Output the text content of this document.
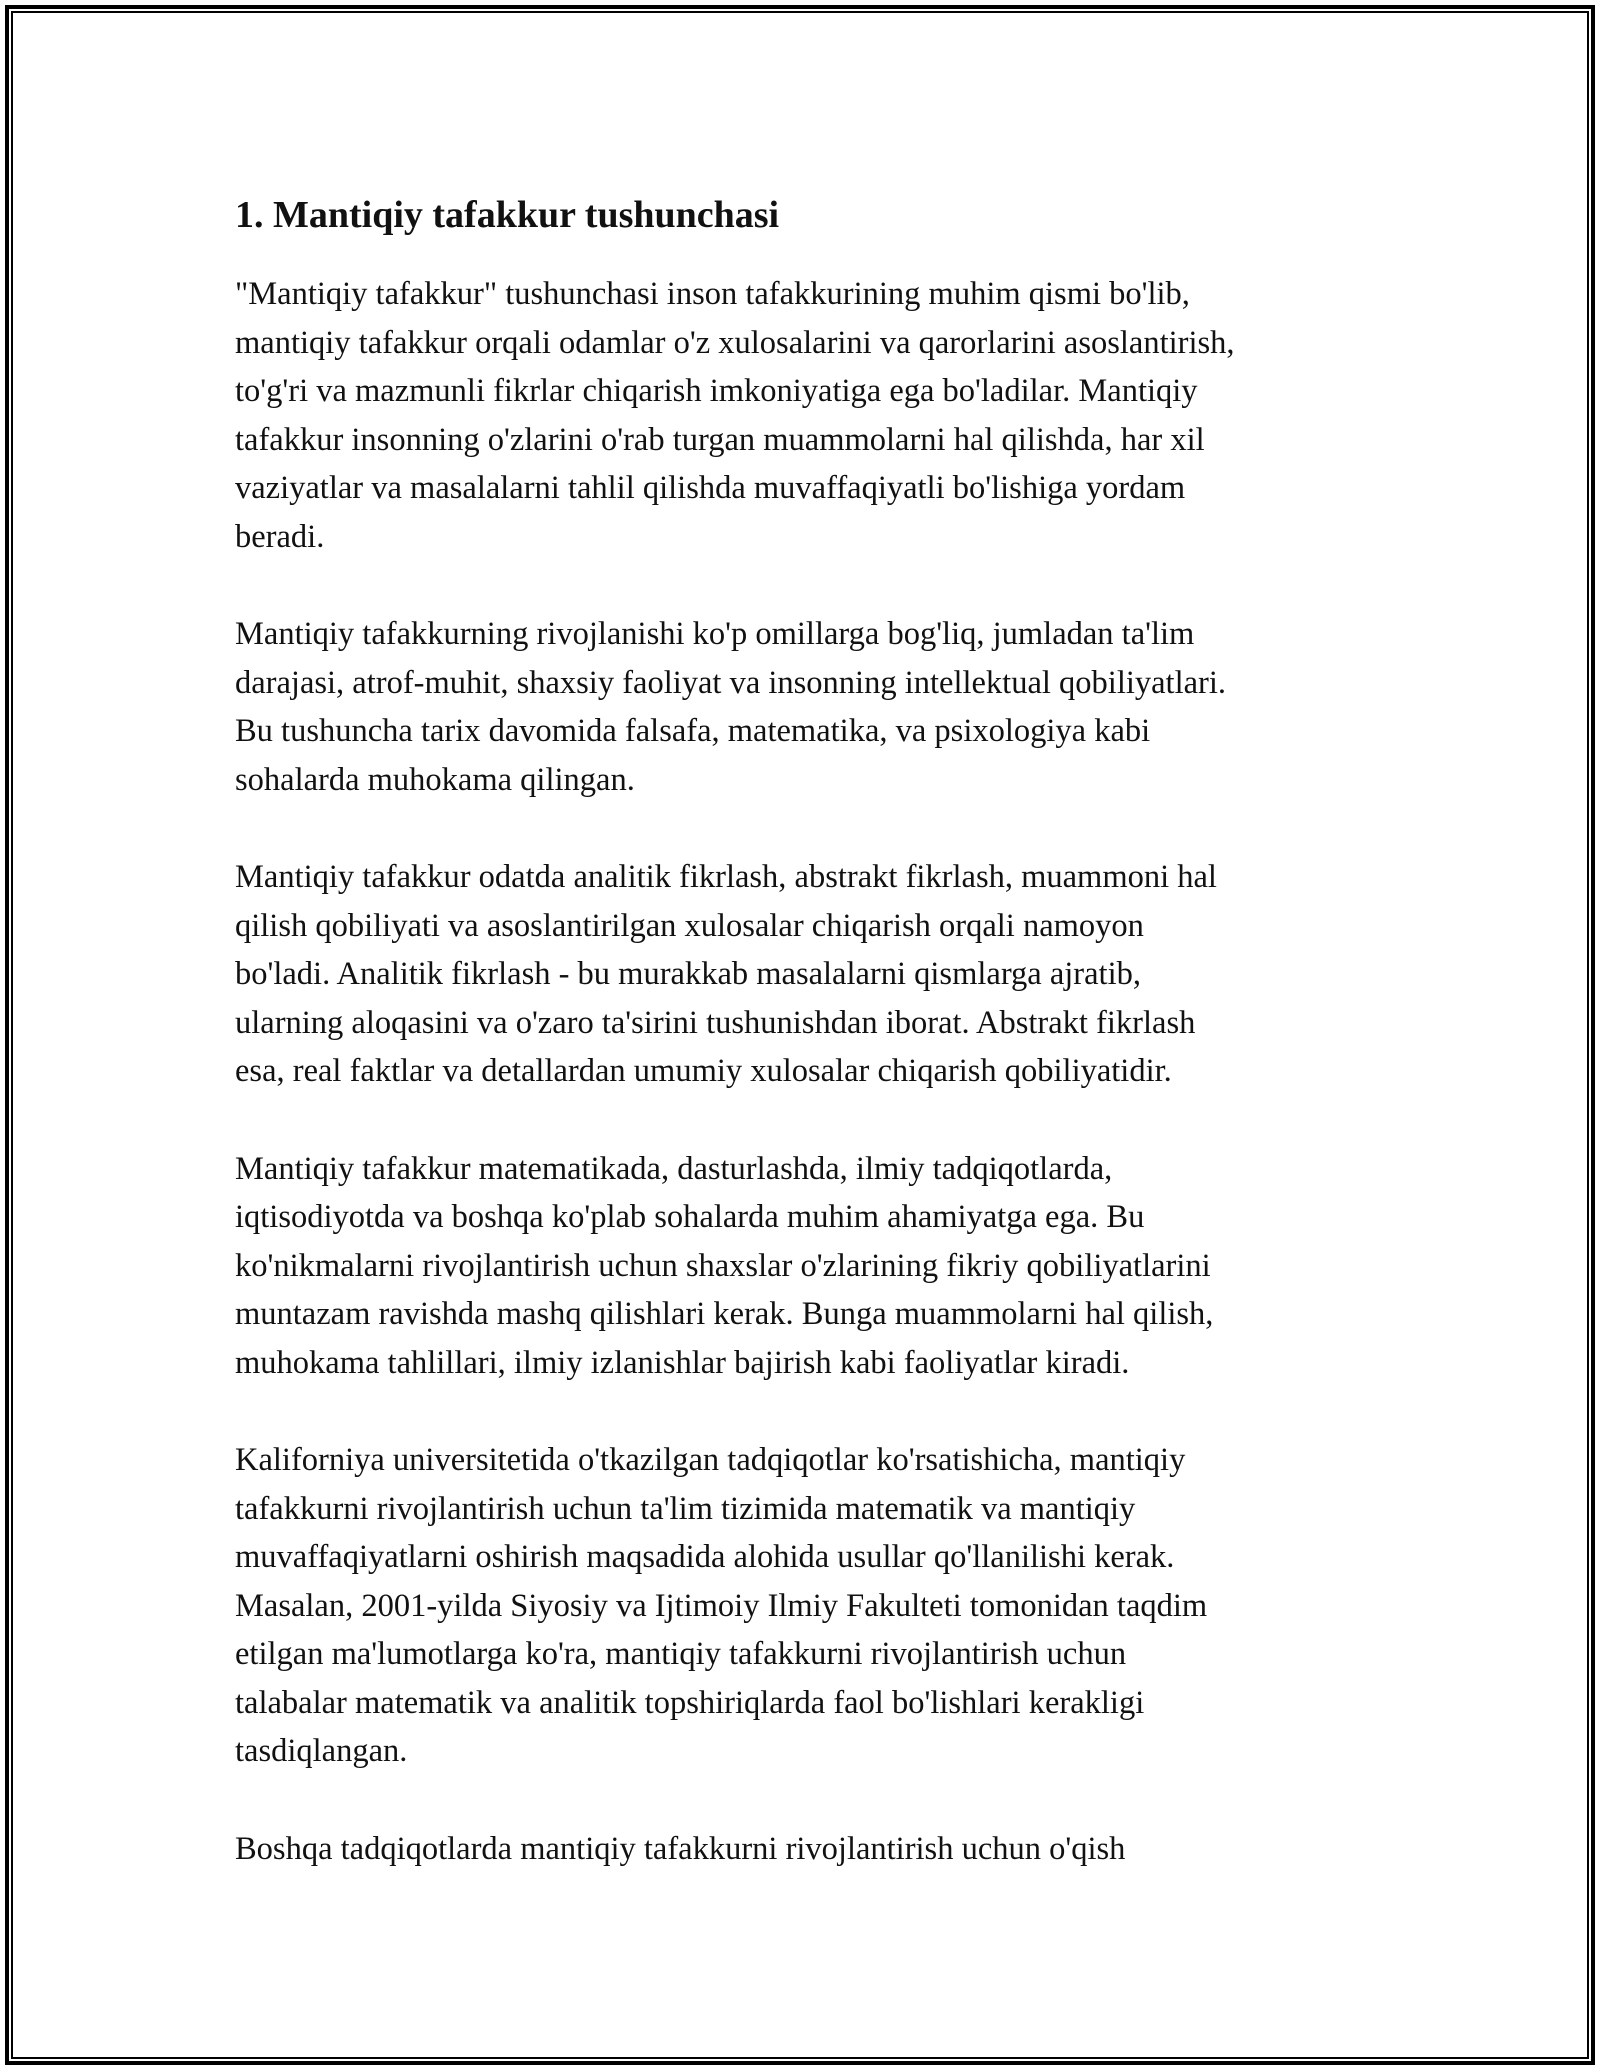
1. Mantiqiy tafakkur tushunchasi

"Mantiqiy tafakkur" tushunchasi inson tafakkurining muhim qismi bo'lib,
mantiqiy tafakkur orqali odamlar o'z xulosalarini va qarorlarini asoslantirish,
to'g'ri va mazmunli fikrlar chiqarish imkoniyatiga ega bo'ladilar. Mantiqiy
tafakkur insonning o'zlarini o'rab turgan muammolarni hal qilishda, har xil
vaziyatlar va masalalarni tahlil qilishda muvaffaqiyatli bo'lishiga yordam
beradi.

Mantiqiy tafakkurning rivojlanishi ko'p omillarga bog'liq, jumladan ta'lim
darajasi, atrof-muhit, shaxsiy faoliyat va insonning intellektual qobiliyatlari.
Bu tushuncha tarix davomida falsafa, matematika, va psixologiya kabi
sohalarda muhokama qilingan.

Mantiqiy tafakkur odatda analitik fikrlash, abstrakt fikrlash, muammoni hal
qilish qobiliyati va asoslantirilgan xulosalar chiqarish orqali namoyon
bo'ladi. Analitik fikrlash - bu murakkab masalalarni qismlarga ajratib,
ularning aloqasini va o'zaro ta'sirini tushunishdan iborat. Abstrakt fikrlash
esa, real faktlar va detallardan umumiy xulosalar chiqarish qobiliyatidir.

Mantiqiy tafakkur matematikada, dasturlashda, ilmiy tadqiqotlarda,
iqtisodiyotda va boshqa ko'plab sohalarda muhim ahamiyatga ega. Bu
ko'nikmalarni rivojlantirish uchun shaxslar o'zlarining fikriy qobiliyatlarini
muntazam ravishda mashq qilishlari kerak. Bunga muammolarni hal qilish,
muhokama tahlillari, ilmiy izlanishlar bajirish kabi faoliyatlar kiradi.

Kaliforniya universitetida o'tkazilgan tadqiqotlar ko'rsatishicha, mantiqiy
tafakkurni rivojlantirish uchun ta'lim tizimida matematik va mantiqiy
muvaffaqiyatlarni oshirish maqsadida alohida usullar qo'llanilishi kerak.
Masalan, 2001-yilda Siyosiy va Ijtimoiy Ilmiy Fakulteti tomonidan taqdim
etilgan ma'lumotlarga ko'ra, mantiqiy tafakkurni rivojlantirish uchun
talabalar matematik va analitik topshiriqlarda faol bo'lishlari kerakligi
tasdiqlangan.

Boshqa tadqiqotlarda mantiqiy tafakkurni rivojlantirish uchun o'qish
